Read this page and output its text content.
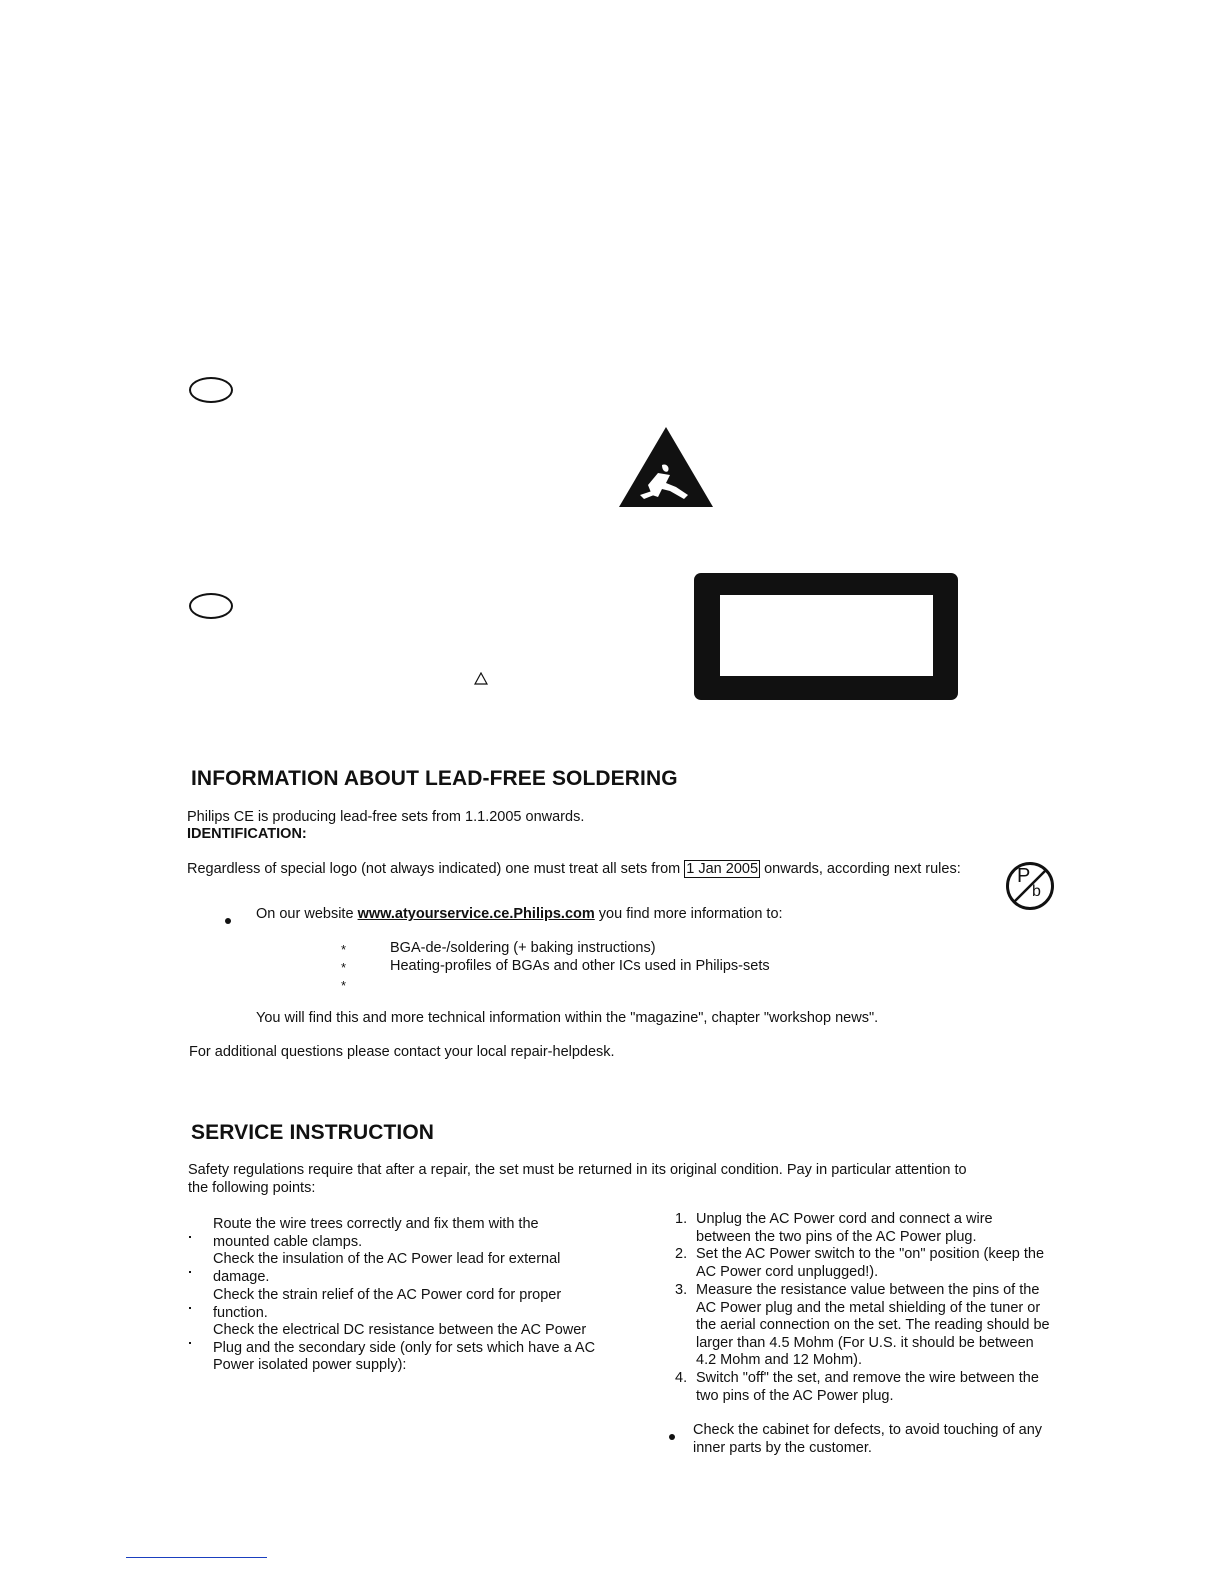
INFORMATION ABOUT LEAD-FREE SOLDERING
Philips CE is producing lead-free sets from 1.1.2005 onwards.
IDENTIFICATION:
Regardless of special logo (not always indicated) one must treat all sets from 1 Jan 2005 onwards, according next rules:	P
b
On our website www.atyourservice.ce.Philips.com you find more information to:
*	BGA-de-/soldering (+ baking instructions)
*	Heating-profiles of BGAs and other ICs used in Philips-sets
*
You will find this and more technical information within the "magazine", chapter "workshop news".
For additional questions please contact your local repair-helpdesk.
SERVICE INSTRUCTION
Safety regulations require that after a repair, the set must be returned in its original condition. Pay in particular attention to
the following points:
Route the wire trees correctly and fix them with the
mounted cable clamps.
Check the insulation of the AC Power lead for external
damage.
Check the strain relief of the AC Power cord for proper
function.
Check the electrical DC resistance between the AC Power
Plug and the secondary side (only for sets which have a AC
Power isolated power supply):
1. Unplug the AC Power cord and connect a wire
between the two pins of the AC Power plug.
2. Set the AC Power switch to the "on" position (keep the
AC Power cord unplugged!).
3. Measure the resistance value between the pins of the
AC Power plug and the metal shielding of the tuner or
the aerial connection on the set. The reading should be
larger than 4.5 Mohm (For U.S. it should be between
4.2 Mohm and 12 Mohm).
4. Switch "off" the set, and remove the wire between the
two pins of the AC Power plug.
Check the cabinet for defects, to avoid touching of any
inner parts by the customer.
